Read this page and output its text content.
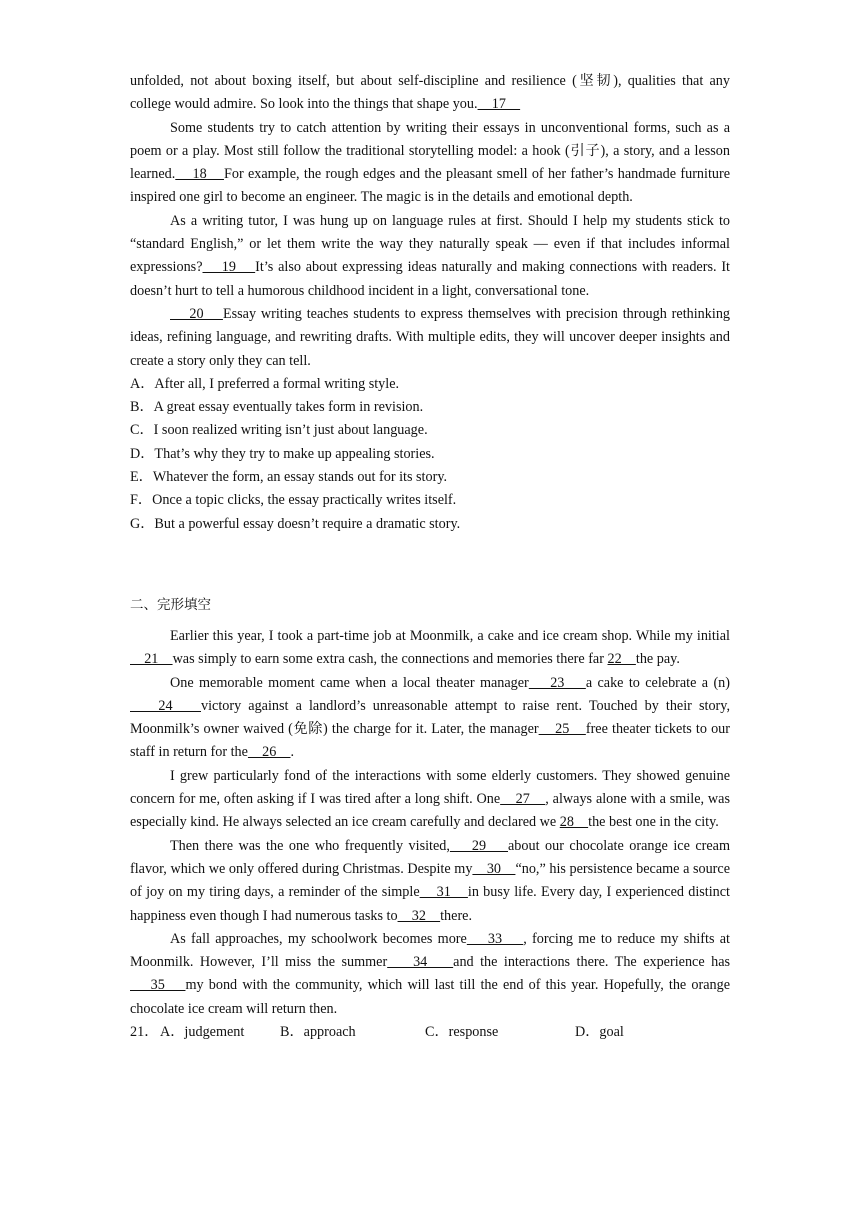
unfolded, not about boxing itself, but about self-discipline and resilience (坚韧), qualities that any college would admire. So look into the things that shape you.    17

Some students try to catch attention by writing their essays in unconventional forms, such as a poem or a play. Most still follow the traditional storytelling model: a hook (引子), a story, and a lesson learned.    18    For example, the rough edges and the pleasant smell of her father’s handmade furniture inspired one girl to become an engineer. The magic is in the details and emotional depth.

As a writing tutor, I was hung up on language rules at first. Should I help my students stick to “standard English,” or let them write the way they naturally speak — even if that includes informal expressions?    19    It’s also about expressing ideas naturally and making connections with readers. It doesn’t hurt to tell a humorous childhood incident in a light, conversational tone.

20    Essay writing teaches students to express themselves with precision through rethinking ideas, refining language, and rewriting drafts. With multiple edits, they will uncover deeper insights and create a story only they can tell.

A．After all, I preferred a formal writing style.

B．A great essay eventually takes form in revision.

C．I soon realized writing isn’t just about language.

D．That’s why they try to make up appealing stories.

E．Whatever the form, an essay stands out for its story.

F．Once a topic clicks, the essay practically writes itself.

G．But a powerful essay doesn’t require a dramatic story.

二、完形填空

Earlier this year, I took a part-time job at Moonmilk, a cake and ice cream shop. While my initial    21    was simply to earn some extra cash, the connections and memories there far 22    the pay.

One memorable moment came when a local theater manager    23    a cake to celebrate a (n)    24    victory against a landlord’s unreasonable attempt to raise rent. Touched by their story, Moonmilk’s owner waived (免除) the charge for it. Later, the manager    25    free theater tickets to our staff in return for the    26    .

I grew particularly fond of the interactions with some elderly customers. They showed genuine concern for me, often asking if I was tired after a long shift. One    27    , always alone with a smile, was especially kind. He always selected an ice cream carefully and declared we 28    the best one in the city.

Then there was the one who frequently visited,    29    about our chocolate orange ice cream flavor, which we only offered during Christmas. Despite my    30    “no,” his persistence became a source of joy on my tiring days, a reminder of the simple    31    in busy life. Every day, I experienced distinct happiness even though I had numerous tasks to    32    there.

As fall approaches, my schoolwork becomes more    33    , forcing me to reduce my shifts at Moonmilk. However, I’ll miss the summer    34    and the interactions there. The experience has    35    my bond with the community, which will last till the end of this year. Hopefully, the orange chocolate ice cream will return then.

21． A．judgement	B．approach	C．response	D．goal
